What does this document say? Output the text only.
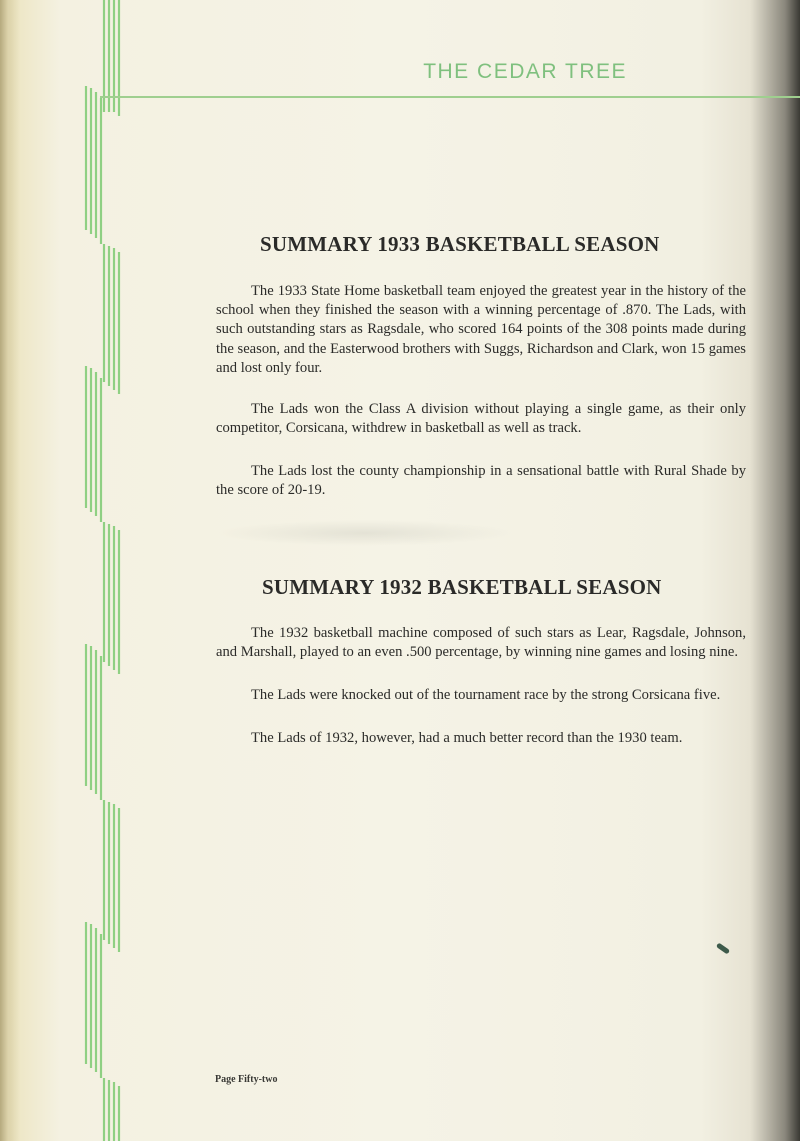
THE CEDAR TREE
SUMMARY 1933 BASKETBALL SEASON

The 1933 State Home basketball team enjoyed the greatest year in the history of the school when they finished the season with a winning percentage of .870. The Lads, with such outstanding stars as Ragsdale, who scored 164 points of the 308 points made during the season, and the Easterwood brothers with Suggs, Richardson and Clark, won 15 games and lost only four.

The Lads won the Class A division without playing a single game, as their only competitor, Corsicana, withdrew in basketball as well as track.

The Lads lost the county championship in a sensational battle with Rural Shade by the score of 20-19.

SUMMARY 1932 BASKETBALL SEASON

The 1932 basketball machine composed of such stars as Lear, Ragsdale, Johnson, and Marshall, played to an even .500 percentage, by winning nine games and losing nine.

The Lads were knocked out of the tournament race by the strong Corsicana five.

The Lads of 1932, however, had a much better record than the 1930 team.

Page Fifty-two
